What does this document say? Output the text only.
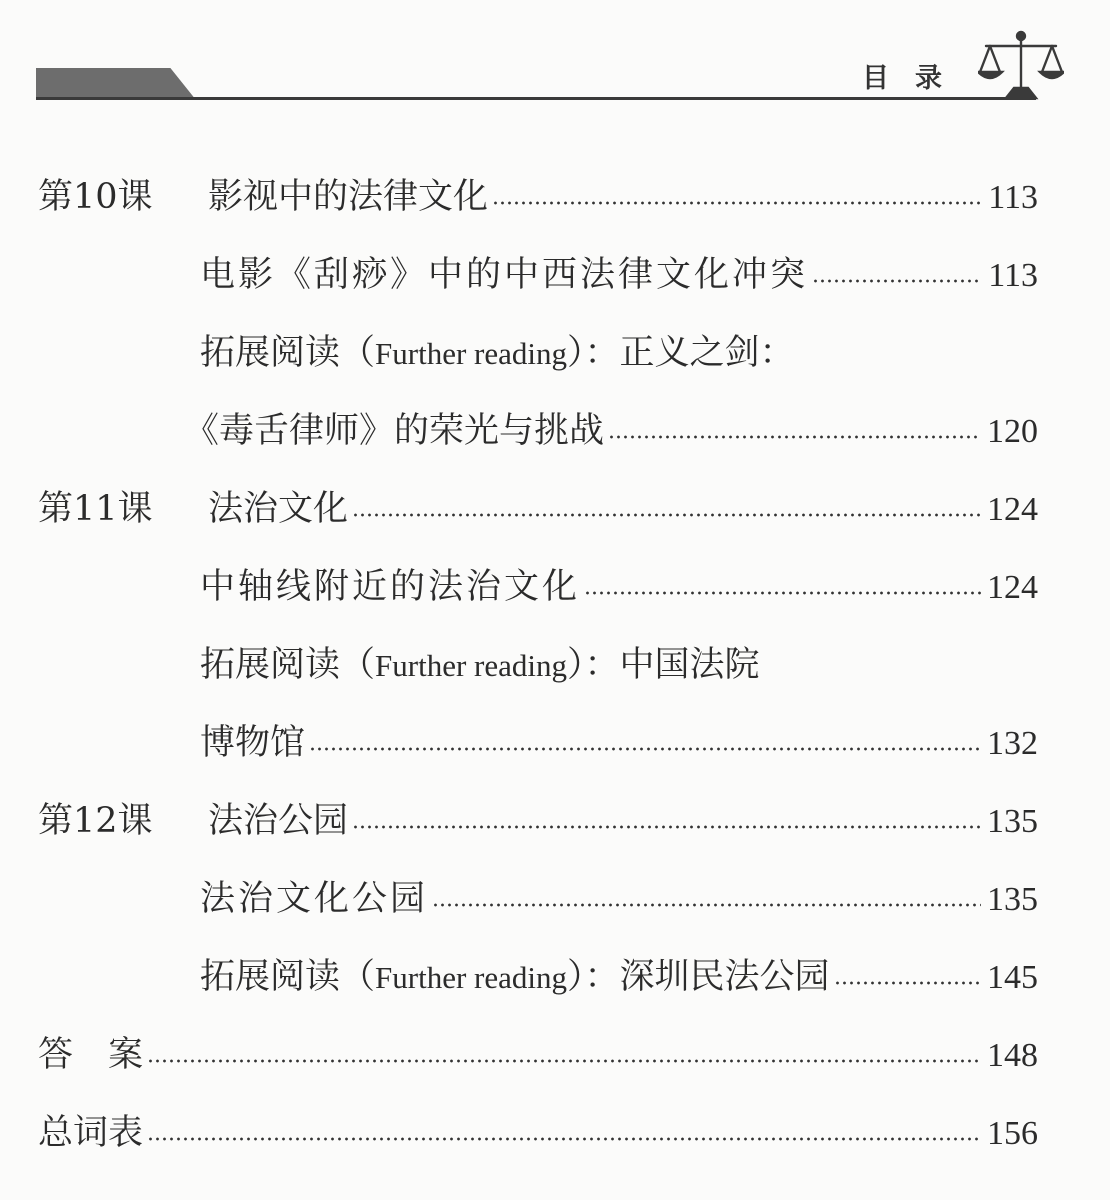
目录
第10课	影视中的法律文化	113
电影《刮痧》中的中西法律文化冲突	113
拓展阅读（Further reading）：正义之剑：
《毒舌律师》的荣光与挑战	120
第11课	法治文化	124
中轴线附近的法治文化	124
拓展阅读（Further reading）：中国法院
博物馆	132
第12课	法治公园	135
法治文化公园	135
拓展阅读（Further reading）：深圳民法公园	145
答　案	148
总词表	156
